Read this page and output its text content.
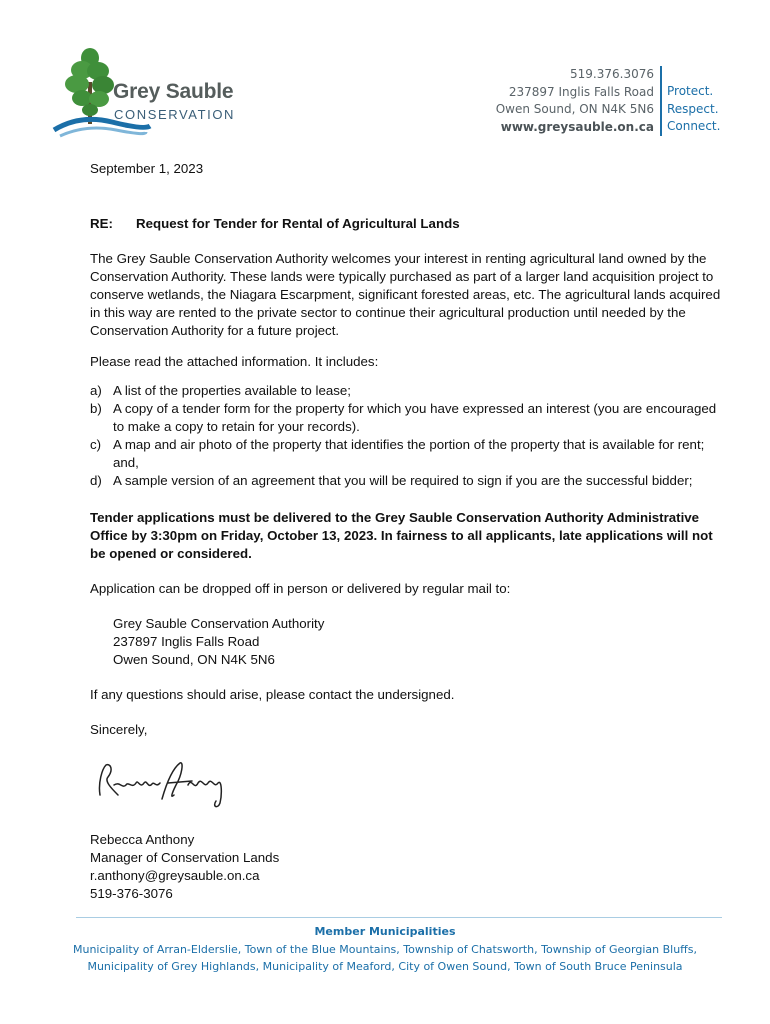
Grey Sauble
CONSERVATION
519.376.3076
237897 Inglis Falls Road
Owen Sound, ON N4K 5N6
www.greysauble.on.ca
Protect.
Respect.
Connect.
September 1, 2023
RE: Request for Tender for Rental of Agricultural Lands
The Grey Sauble Conservation Authority welcomes your interest in renting agricultural land owned by the Conservation Authority. These lands were typically purchased as part of a larger land acquisition project to conserve wetlands, the Niagara Escarpment, significant forested areas, etc. The agricultural lands acquired in this way are rented to the private sector to continue their agricultural production until needed by the Conservation Authority for a future project.
Please read the attached information. It includes:
a) A list of the properties available to lease;
b) A copy of a tender form for the property for which you have expressed an interest (you are encouraged to make a copy to retain for your records).
c) A map and air photo of the property that identifies the portion of the property that is available for rent; and,
d) A sample version of an agreement that you will be required to sign if you are the successful bidder;
Tender applications must be delivered to the Grey Sauble Conservation Authority Administrative Office by 3:30pm on Friday, October 13, 2023. In fairness to all applicants, late applications will not be opened or considered.
Application can be dropped off in person or delivered by regular mail to:
Grey Sauble Conservation Authority
237897 Inglis Falls Road
Owen Sound, ON N4K 5N6
If any questions should arise, please contact the undersigned.
Sincerely,
Rebecca Anthony
Manager of Conservation Lands
r.anthony@greysauble.on.ca
519-376-3076
Member Municipalities
Municipality of Arran-Elderslie, Town of the Blue Mountains, Township of Chatsworth, Township of Georgian Bluffs, Municipality of Grey Highlands, Municipality of Meaford, City of Owen Sound, Town of South Bruce Peninsula
